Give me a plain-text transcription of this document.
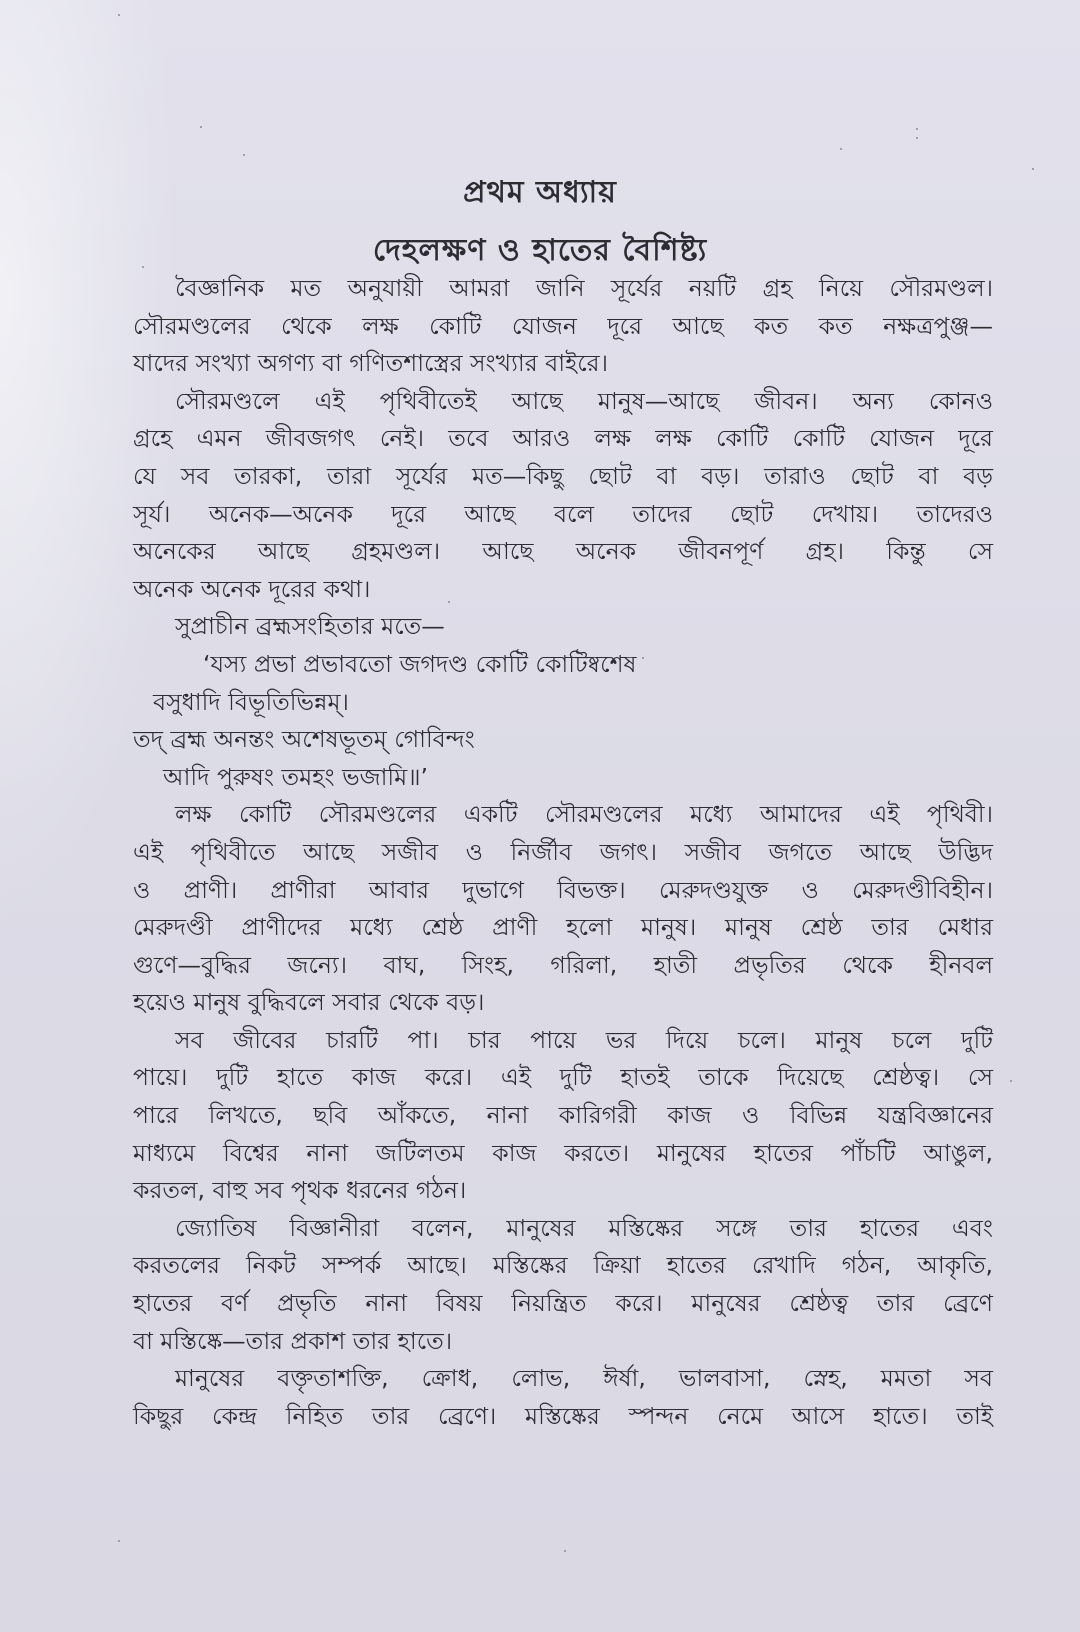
প্রথম অধ্যায়
দেহলক্ষণ ও হাতের বৈশিষ্ট্য

বৈজ্ঞানিক মত অনুযায়ী আমরা জানি সূর্যের নয়টি গ্রহ নিয়ে সৌরমণ্ডল।
সৌরমণ্ডলের থেকে লক্ষ কোটি যোজন দূরে আছে কত কত নক্ষত্রপুঞ্জ—
যাদের সংখ্যা অগণ্য বা গণিতশাস্ত্রের সংখ্যার বাইরে।

সৌরমণ্ডলে এই পৃথিবীতেই আছে মানুষ—আছে জীবন। অন্য কোনও
গ্রহে এমন জীবজগৎ নেই। তবে আরও লক্ষ লক্ষ কোটি কোটি যোজন দূরে
যে সব তারকা, তারা সূর্যের মত—কিছু ছোট বা বড়। তারাও ছোট বা বড়
সূর্য। অনেক—অনেক দূরে আছে বলে তাদের ছোট দেখায়। তাদেরও
অনেকের আছে গ্রহমণ্ডল। আছে অনেক জীবনপূর্ণ গ্রহ। কিন্তু সে
অনেক অনেক দূরের কথা।

সুপ্রাচীন ব্রহ্মসংহিতার মতে—

‘যস্য প্রভা প্রভাবতো জগদণ্ড কোটি কোটিষ্বশেষ
বসুধাদি বিভূতিভিন্নম্।
তদ্ ব্রহ্ম অনন্তং অশেষভূতম্ গোবিন্দং
আদি পুরুষং তমহং ভজামি॥’

লক্ষ কোটি সৌরমণ্ডলের একটি সৌরমণ্ডলের মধ্যে আমাদের এই পৃথিবী।
এই পৃথিবীতে আছে সজীব ও নির্জীব জগৎ। সজীব জগতে আছে উদ্ভিদ
ও প্রাণী। প্রাণীরা আবার দুভাগে বিভক্ত। মেরুদণ্ডযুক্ত ও মেরুদণ্ডীবিহীন।
মেরুদণ্ডী প্রাণীদের মধ্যে শ্রেষ্ঠ প্রাণী হলো মানুষ। মানুষ শ্রেষ্ঠ তার মেধার
গুণে—বুদ্ধির জন্যে। বাঘ, সিংহ, গরিলা, হাতী প্রভৃতির থেকে হীনবল
হয়েও মানুষ বুদ্ধিবলে সবার থেকে বড়।

সব জীবের চারটি পা। চার পায়ে ভর দিয়ে চলে। মানুষ চলে দুটি
পায়ে। দুটি হাতে কাজ করে। এই দুটি হাতই তাকে দিয়েছে শ্রেষ্ঠত্ব। সে
পারে লিখতে, ছবি আঁকতে, নানা কারিগরী কাজ ও বিভিন্ন যন্ত্রবিজ্ঞানের
মাধ্যমে বিশ্বের নানা জটিলতম কাজ করতে। মানুষের হাতের পাঁচটি আঙুল,
করতল, বাহু সব পৃথক ধরনের গঠন।

জ্যোতিষ বিজ্ঞানীরা বলেন, মানুষের মস্তিষ্কের সঙ্গে তার হাতের এবং
করতলের নিকট সম্পর্ক আছে। মস্তিষ্কের ক্রিয়া হাতের রেখাদি গঠন, আকৃতি,
হাতের বর্ণ প্রভৃতি নানা বিষয় নিয়ন্ত্রিত করে। মানুষের শ্রেষ্ঠত্ব তার ব্রেণে
বা মস্তিষ্কে—তার প্রকাশ তার হাতে।

মানুষের বক্তৃতাশক্তি, ক্রোধ, লোভ, ঈর্ষা, ভালবাসা, স্নেহ, মমতা সব
কিছুর কেন্দ্র নিহিত তার ব্রেণে। মস্তিষ্কের স্পন্দন নেমে আসে হাতে। তাই
